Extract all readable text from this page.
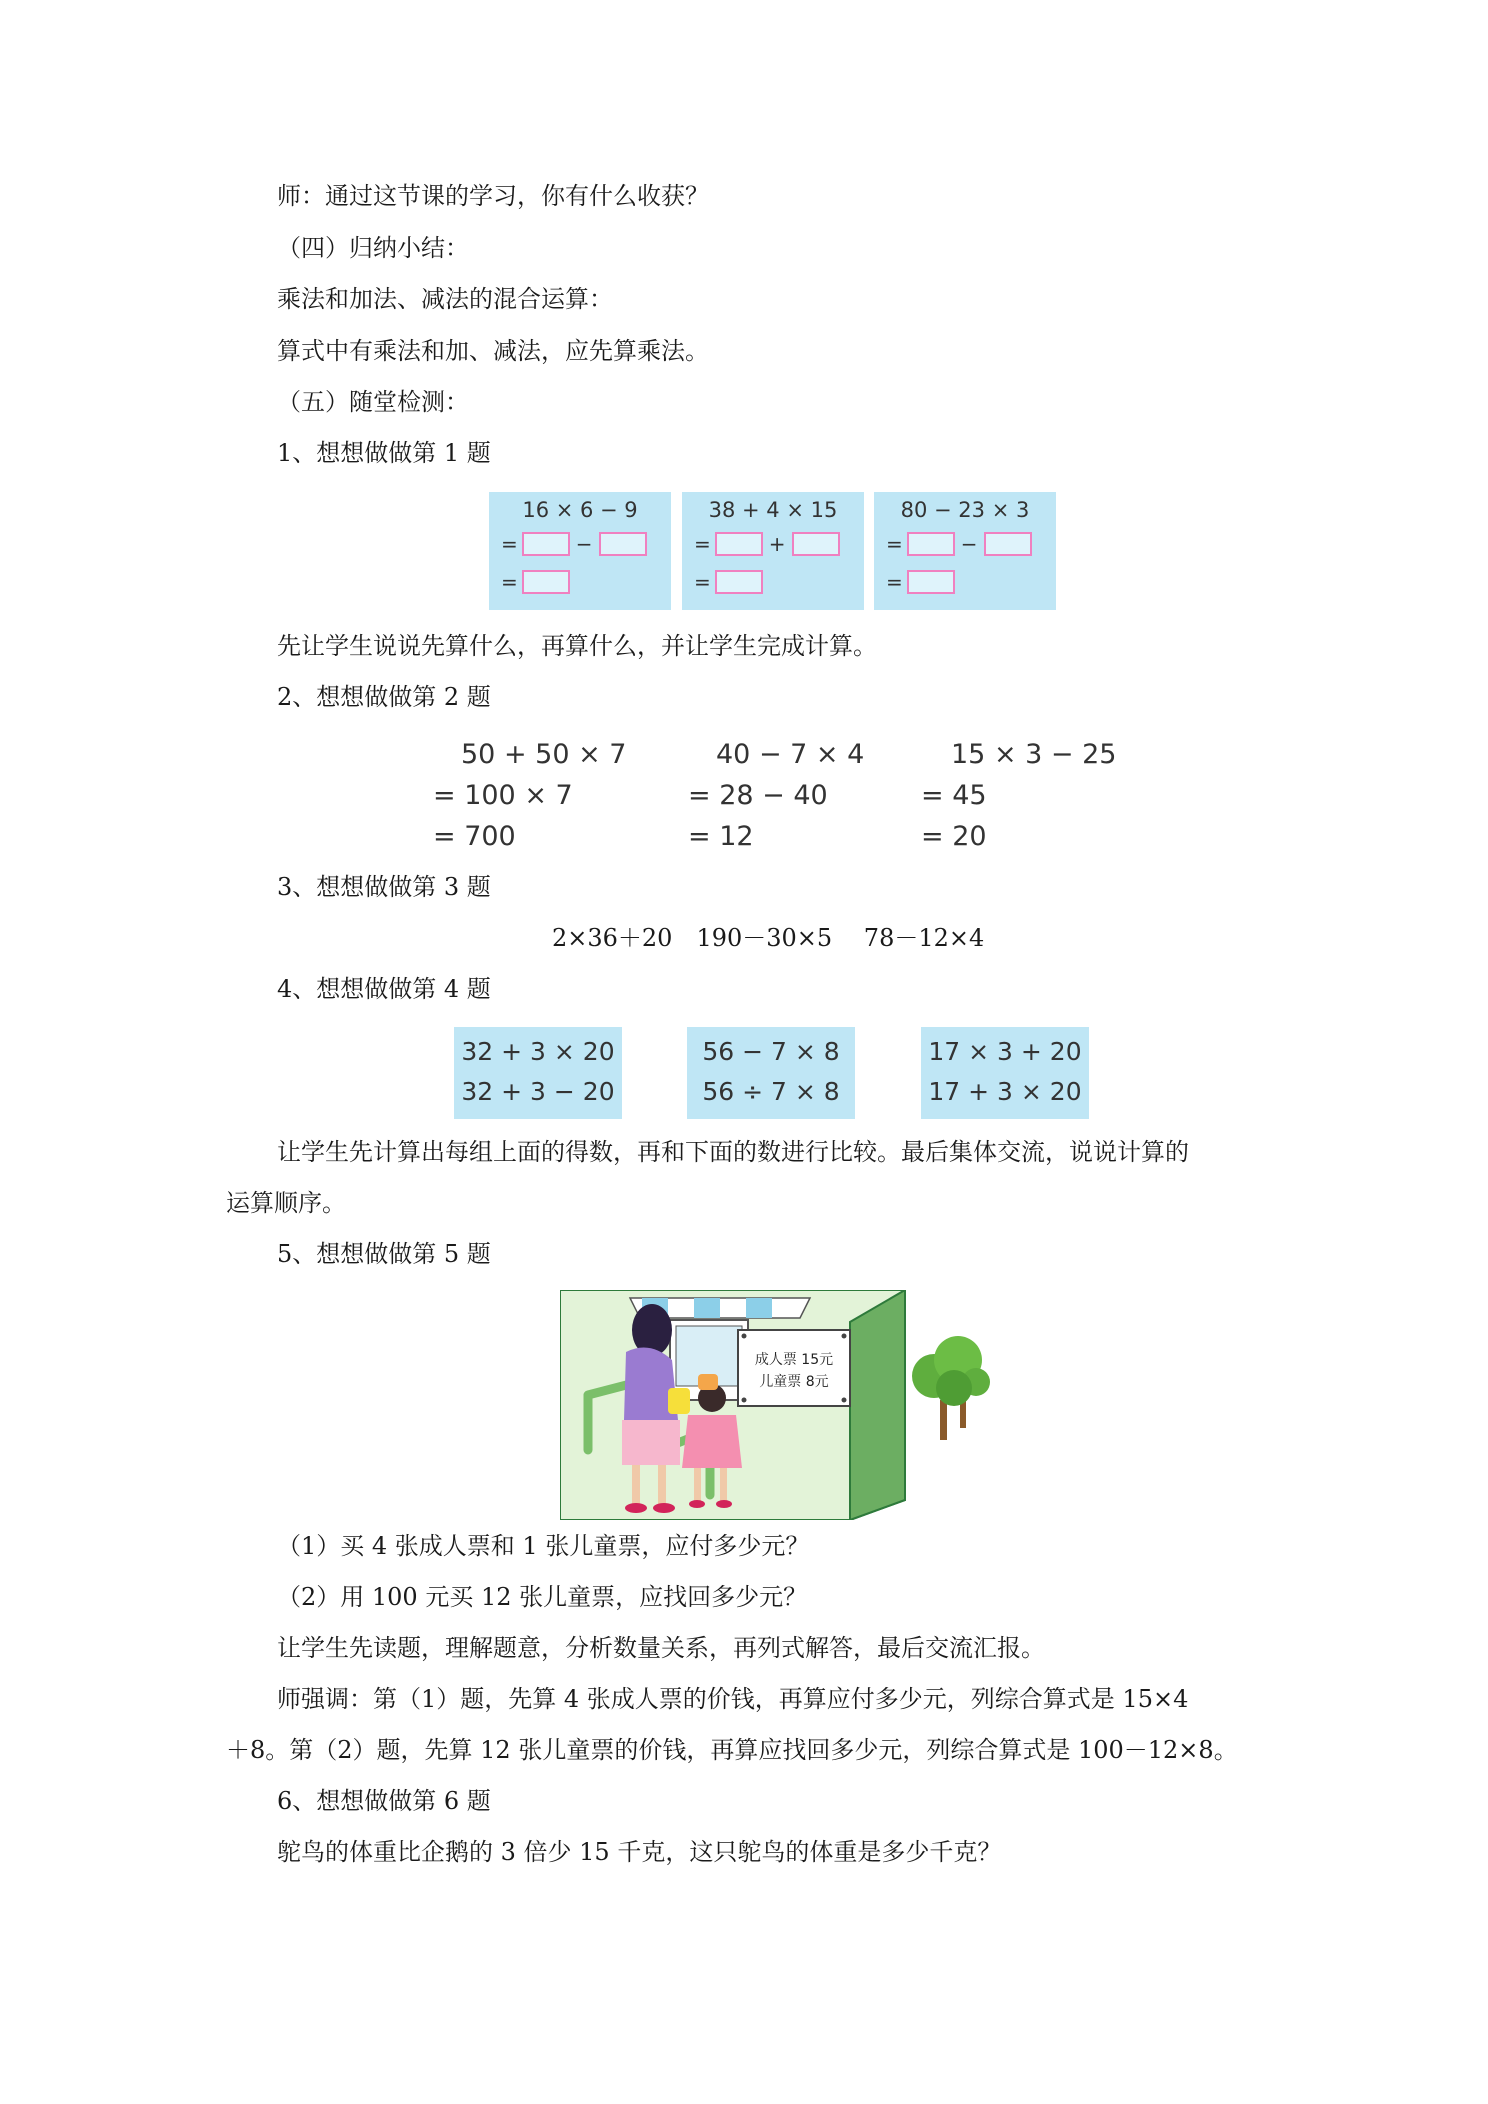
师：通过这节课的学习，你有什么收获？
（四）归纳小结：
乘法和加法、减法的混合运算：
算式中有乘法和加、减法，应先算乘法。
（五）随堂检测：
1、想想做做第 1 题
16 × 6 − 9
=	−
=
38 + 4 × 15
=	+
=
80 − 23 × 3
=	−
=
先让学生说说先算什么，再算什么，并让学生完成计算。
2、想想做做第 2 题
50 + 50 × 7
= 100 × 7
= 700
40 − 7 × 4
= 28 − 40
= 12
15 × 3 − 25
= 45
= 20
3、想想做做第 3 题
2×36＋20　190－30×5　 78－12×4
4、想想做做第 4 题
32 + 3 × 20
32 + 3 − 20
56 − 7 × 8
56 ÷ 7 × 8
17 × 3 + 20
17 + 3 × 20
让学生先计算出每组上面的得数，再和下面的数进行比较。最后集体交流，说说计算的
运算顺序。
5、想想做做第 5 题
成人票 15元
儿童票 8元
（1）买 4 张成人票和 1 张儿童票，应付多少元？
（2）用 100 元买 12 张儿童票，应找回多少元？
让学生先读题，理解题意，分析数量关系，再列式解答，最后交流汇报。
师强调：第（1）题，先算 4 张成人票的价钱，再算应付多少元，列综合算式是 15×4
＋8。第（2）题，先算 12 张儿童票的价钱，再算应找回多少元，列综合算式是 100－12×8。
6、想想做做第 6 题
鸵鸟的体重比企鹅的 3 倍少 15 千克，这只鸵鸟的体重是多少千克？
